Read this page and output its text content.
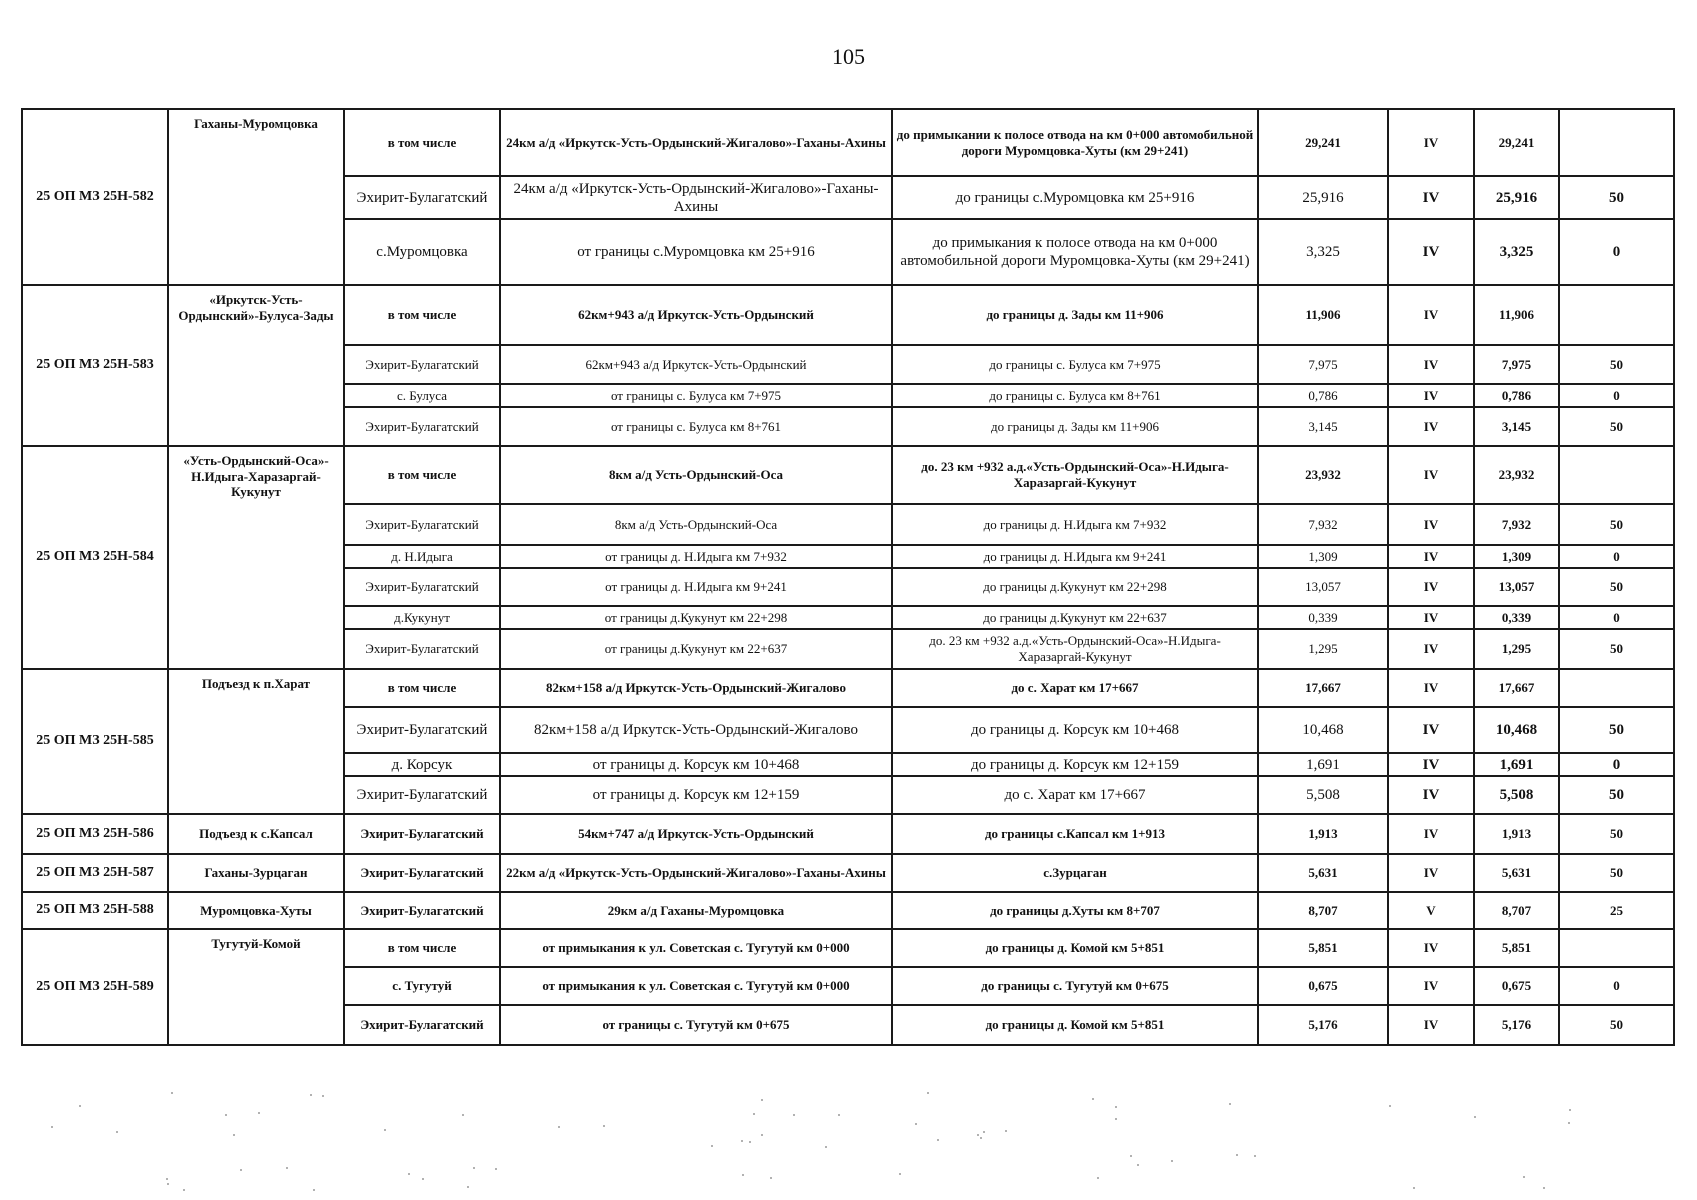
105
25 ОП МЗ 25Н-582	Гаханы-Муромцовка	в том числе	24км а/д «Иркутск-Усть-Ордынский-Жигалово»-Гаханы-Ахины	до примыкании к полосе отвода на км 0+000 автомобильной дороги Муромцовка-Хуты (км 29+241)	29,241	IV	29,241	
		Эхирит-Булагатский	24км а/д «Иркутск-Усть-Ордынский-Жигалово»-Гаханы-Ахины	до границы с.Муромцовка км 25+916	25,916	IV	25,916	50
		с.Муромцовка	от границы с.Муромцовка км 25+916	до примыкания к полосе отвода на км 0+000 автомобильной дороги Муромцовка-Хуты (км 29+241)	3,325	IV	3,325	0
25 ОП МЗ 25Н-583	«Иркутск-Усть-Ордынский»-Булуса-Зады	в том числе	62км+943 а/д Иркутск-Усть-Ордынский	до границы д. Зады км 11+906	11,906	IV	11,906	
		Эхирит-Булагатский	62км+943 а/д Иркутск-Усть-Ордынский	до границы с. Булуса км 7+975	7,975	IV	7,975	50
		с. Булуса	от границы с. Булуса км 7+975	до границы с. Булуса км 8+761	0,786	IV	0,786	0
		Эхирит-Булагатский	от границы с. Булуса км 8+761	до границы д. Зады км 11+906	3,145	IV	3,145	50
25 ОП МЗ 25Н-584	«Усть-Ордынский-Оса»-Н.Идыга-Харазаргай-Кукунут	в том числе	8км а/д Усть-Ордынский-Оса	до. 23 км +932 а.д.«Усть-Ордынский-Оса»-Н.Идыга-Харазаргай-Кукунут	23,932	IV	23,932	
		Эхирит-Булагатский	8км а/д Усть-Ордынский-Оса	до границы д. Н.Идыга км 7+932	7,932	IV	7,932	50
		д. Н.Идыга	от границы д. Н.Идыга км 7+932	до границы д. Н.Идыга км 9+241	1,309	IV	1,309	0
		Эхирит-Булагатский	от границы д. Н.Идыга км 9+241	до границы д.Кукунут км 22+298	13,057	IV	13,057	50
		д.Кукунут	от границы д.Кукунут км 22+298	до границы д.Кукунут км 22+637	0,339	IV	0,339	0
		Эхирит-Булагатский	от границы д.Кукунут км 22+637	до. 23 км +932 а.д.«Усть-Ордынский-Оса»-Н.Идыга-Харазаргай-Кукунут	1,295	IV	1,295	50
25 ОП МЗ 25Н-585	Подъезд к п.Харат	в том числе	82км+158 а/д Иркутск-Усть-Ордынский-Жигалово	до с. Харат км 17+667	17,667	IV	17,667	
		Эхирит-Булагатский	82км+158 а/д Иркутск-Усть-Ордынский-Жигалово	до границы д. Корсук км 10+468	10,468	IV	10,468	50
		д. Корсук	от границы д. Корсук км 10+468	до границы д. Корсук км 12+159	1,691	IV	1,691	0
		Эхирит-Булагатский	от границы д. Корсук км 12+159	до с. Харат км 17+667	5,508	IV	5,508	50
25 ОП МЗ 25Н-586	Подъезд к с.Капсал	Эхирит-Булагатский	54км+747 а/д Иркутск-Усть-Ордынский	до границы с.Капсал км 1+913	1,913	IV	1,913	50
25 ОП МЗ 25Н-587	Гаханы-Зурцаган	Эхирит-Булагатский	22км а/д «Иркутск-Усть-Ордынский-Жигалово»-Гаханы-Ахины	с.Зурцаган	5,631	IV	5,631	50
25 ОП МЗ 25Н-588	Муромцовка-Хуты	Эхирит-Булагатский	29км а/д Гаханы-Муромцовка	до границы д.Хуты км 8+707	8,707	V	8,707	25
25 ОП МЗ 25Н-589	Тугутуй-Комой	в том числе	от примыкания к ул. Советская с. Тугутуй км 0+000	до границы д. Комой км 5+851	5,851	IV	5,851	
		с. Тугутуй	от примыкания к ул. Советская с. Тугутуй км 0+000	до границы с. Тугутуй км 0+675	0,675	IV	0,675	0
		Эхирит-Булагатский	от границы с. Тугутуй км 0+675	до границы д. Комой км 5+851	5,176	IV	5,176	50
